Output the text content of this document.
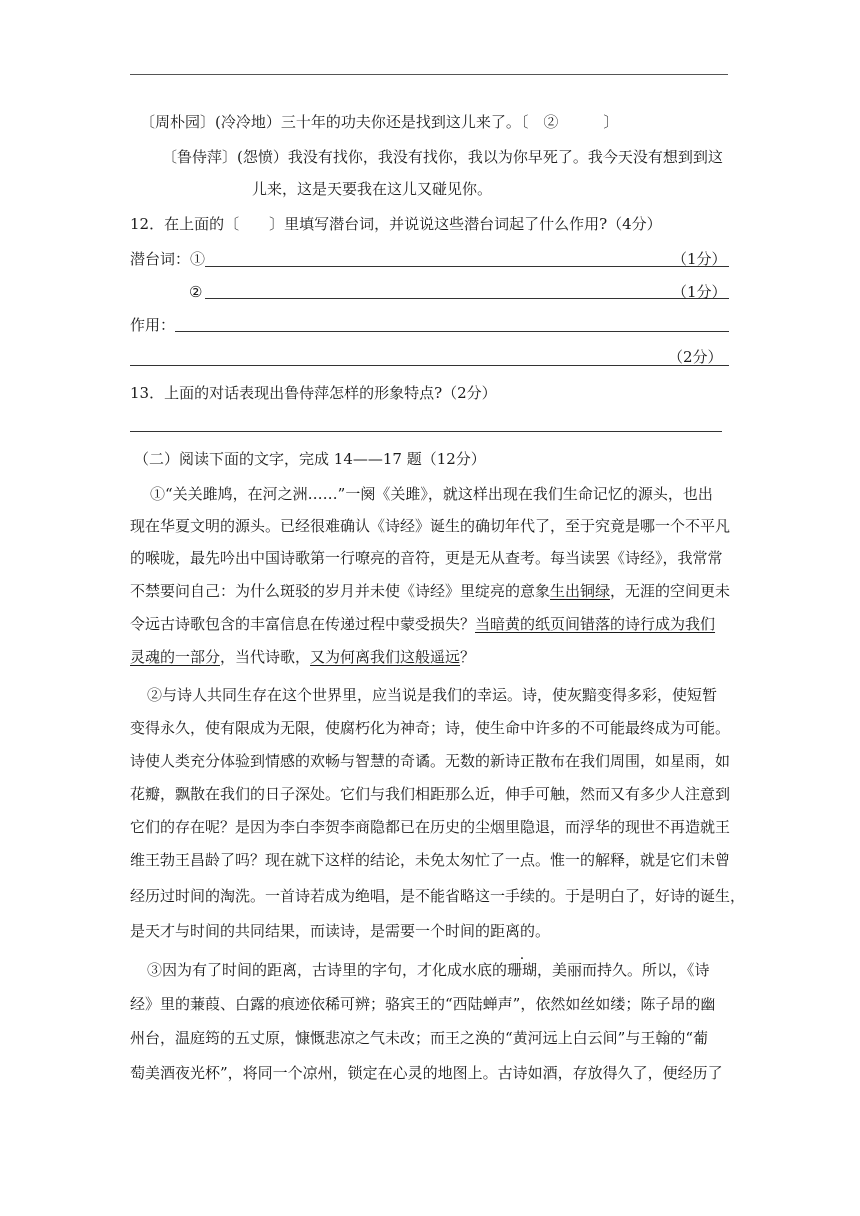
〔周朴园〕(冷冷地）三十年的功夫你还是找到这儿来了。〔　②　　　〕
〔鲁侍萍〕(怨愤）我没有找你，我没有找你，我以为你早死了。我今天没有想到到这
儿来，这是天要我在这儿又碰见你。
12．在上面的〔　　〕里填写潜台词，并说说这些潜台词起了什么作用?（4分）
潜台词：①	（1分）
②	（1分）
作用：
（2分）
13．上面的对话表现出鲁侍萍怎样的形象特点?（2分）
（二）阅读下面的文字，完成 14——17 题（12分）
①“关关雎鸠，在河之洲……”一阕《关雎》，就这样出现在我们生命记忆的源头，也出
现在华夏文明的源头。已经很难确认《诗经》诞生的确切年代了，至于究竟是哪一个不平凡
的喉咙，最先吟出中国诗歌第一行嘹亮的音符，更是无从查考。每当读罢《诗经》，我常常
不禁要问自己：为什么斑驳的岁月并未使《诗经》里绽亮的意象生出铜绿，无涯的空间更未
令远古诗歌包含的丰富信息在传递过程中蒙受损失？当暗黄的纸页间错落的诗行成为我们
灵魂的一部分，当代诗歌，又为何离我们这般遥远？
②与诗人共同生存在这个世界里，应当说是我们的幸运。诗，使灰黯变得多彩，使短暂
变得永久，使有限成为无限，使腐朽化为神奇；诗，使生命中许多的不可能最终成为可能。
诗使人类充分体验到情感的欢畅与智慧的奇谲。无数的新诗正散布在我们周围，如星雨，如
花瓣，飘散在我们的日子深处。它们与我们相距那么近，伸手可触，然而又有多少人注意到
它们的存在呢？是因为李白李贺李商隐都已在历史的尘烟里隐退，而浮华的现世不再造就王
维王勃王昌龄了吗？现在就下这样的结论，未免太匆忙了一点。惟一的解释，就是它们未曾
经历过时间的淘洗。一首诗若成为绝唱，是不能省略这一手续的。于是明白了，好诗的诞生，
是天才与时间的共同结果，而读诗，是需要一个时间的距离的。
③因为有了时间的距离，古诗里的字句，才化成水底的珊瑚，美丽而持久。所以，《诗
经》里的蒹葭、白露的痕迹依稀可辨；骆宾王的“西陆蝉声”，依然如丝如缕；陈子昂的幽
州台，温庭筠的五丈原，慷慨悲凉之气未改；而王之涣的“黄河远上白云间”与王翰的“葡
萄美酒夜光杯”，将同一个凉州，锁定在心灵的地图上。古诗如酒，存放得久了，便经历了
